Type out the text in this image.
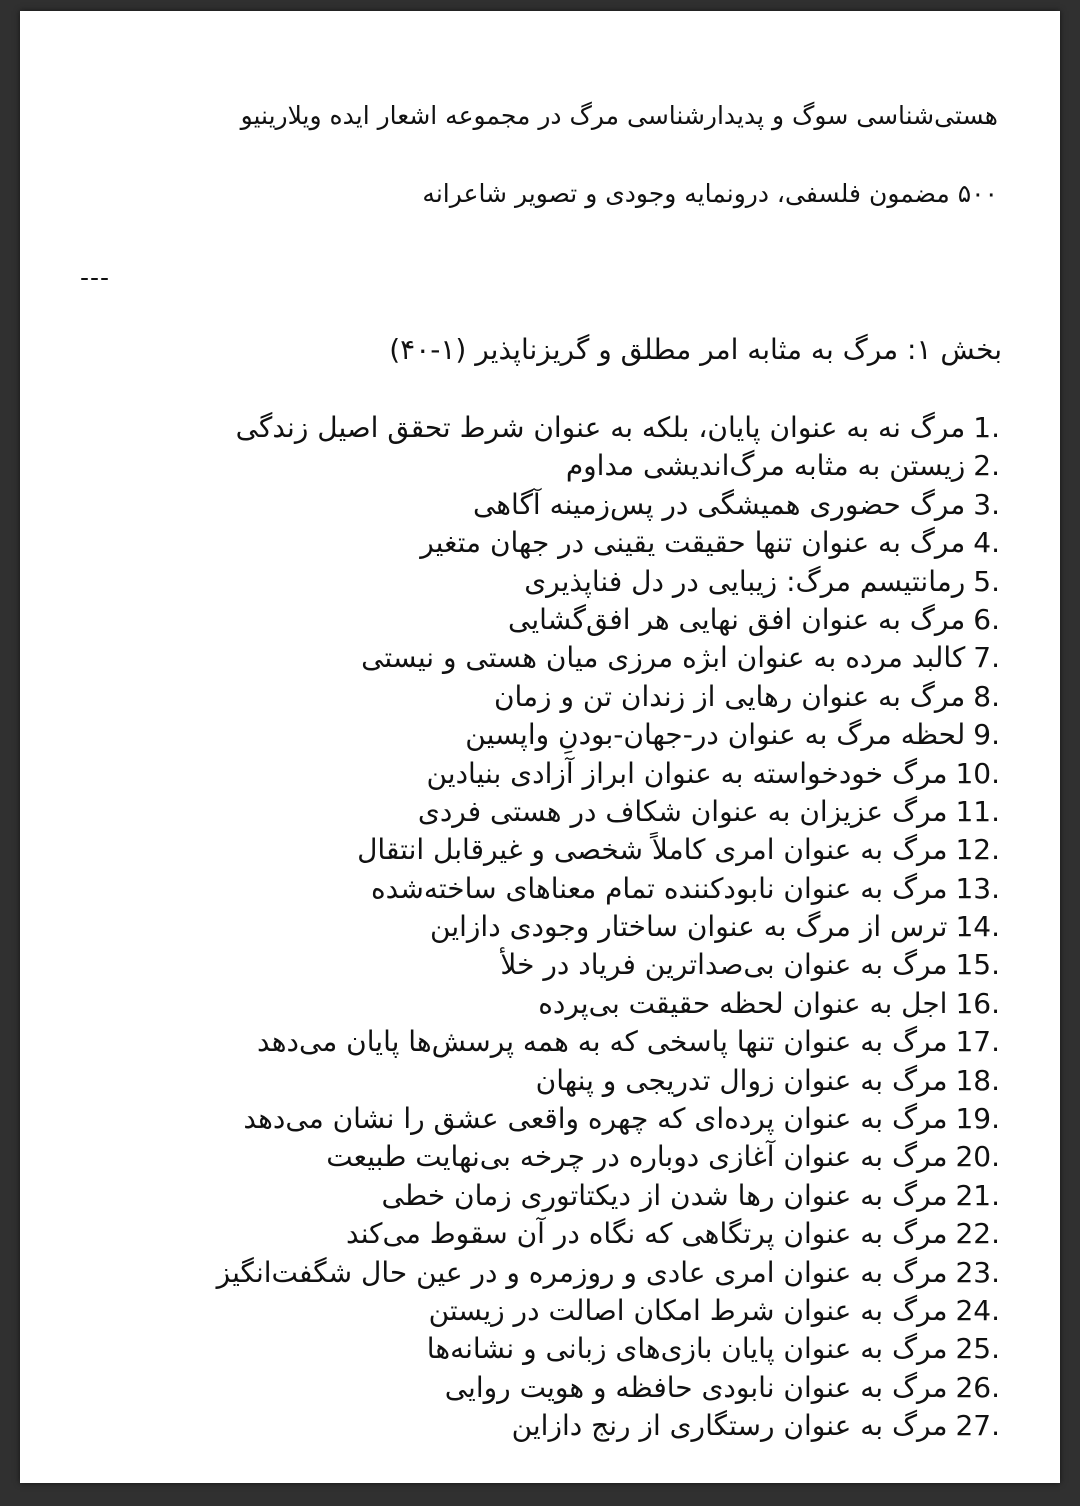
هستی‌شناسی سوگ و پدیدارشناسی مرگ در مجموعه اشعار ایده ویلارینیو
۵۰۰ مضمون فلسفی، درونمایه وجودی و تصویر شاعرانه
---
بخش ۱: مرگ به مثابه امر مطلق و گریزناپذیر (۱-۴۰)
1.مرگ نه به عنوان پایان، بلکه به عنوان شرط تحقق اصیل زندگی
2.زیستن به مثابه مرگ‌اندیشی مداوم
3.مرگ حضوری همیشگی در پس‌زمینه آگاهی
4.مرگ به عنوان تنها حقیقت یقینی در جهان متغیر
5.رمانتیسم مرگ: زیبایی در دل فناپذیری
6.مرگ به عنوان افق نهایی هر افق‌گشایی
7.کالبد مرده به عنوان ابژه مرزی میان هستی و نیستی
8.مرگ به عنوان رهایی از زندان تن و زمان
9.لحظه مرگ به عنوان در-جهان-بودنِ واپسین
10.مرگ خودخواسته به عنوان ابراز آزادی بنیادین
11.مرگ عزیزان به عنوان شکاف در هستی فردی
12.مرگ به عنوان امری کاملاً شخصی و غیرقابل انتقال
13.مرگ به عنوان نابودکننده تمام معناهای ساخته‌شده
14.ترس از مرگ به عنوان ساختار وجودی دازاین
15.مرگ به عنوان بی‌صداترین فریاد در خلأ
16.اجل به عنوان لحظه حقیقت بی‌پرده
17.مرگ به عنوان تنها پاسخی که به همه پرسش‌ها پایان می‌دهد
18.مرگ به عنوان زوال تدریجی و پنهان
19.مرگ به عنوان پرده‌ای که چهره واقعی عشق را نشان می‌دهد
20.مرگ به عنوان آغازی دوباره در چرخه بی‌نهایت طبیعت
21.مرگ به عنوان رها شدن از دیکتاتوری زمان خطی
22.مرگ به عنوان پرتگاهی که نگاه در آن سقوط می‌کند
23.مرگ به عنوان امری عادی و روزمره و در عین حال شگفت‌انگیز
24.مرگ به عنوان شرط امکان اصالت در زیستن
25.مرگ به عنوان پایان بازی‌های زبانی و نشانه‌ها
26.مرگ به عنوان نابودی حافظه و هویت روایی
27.مرگ به عنوان رستگاری از رنج دازاین
